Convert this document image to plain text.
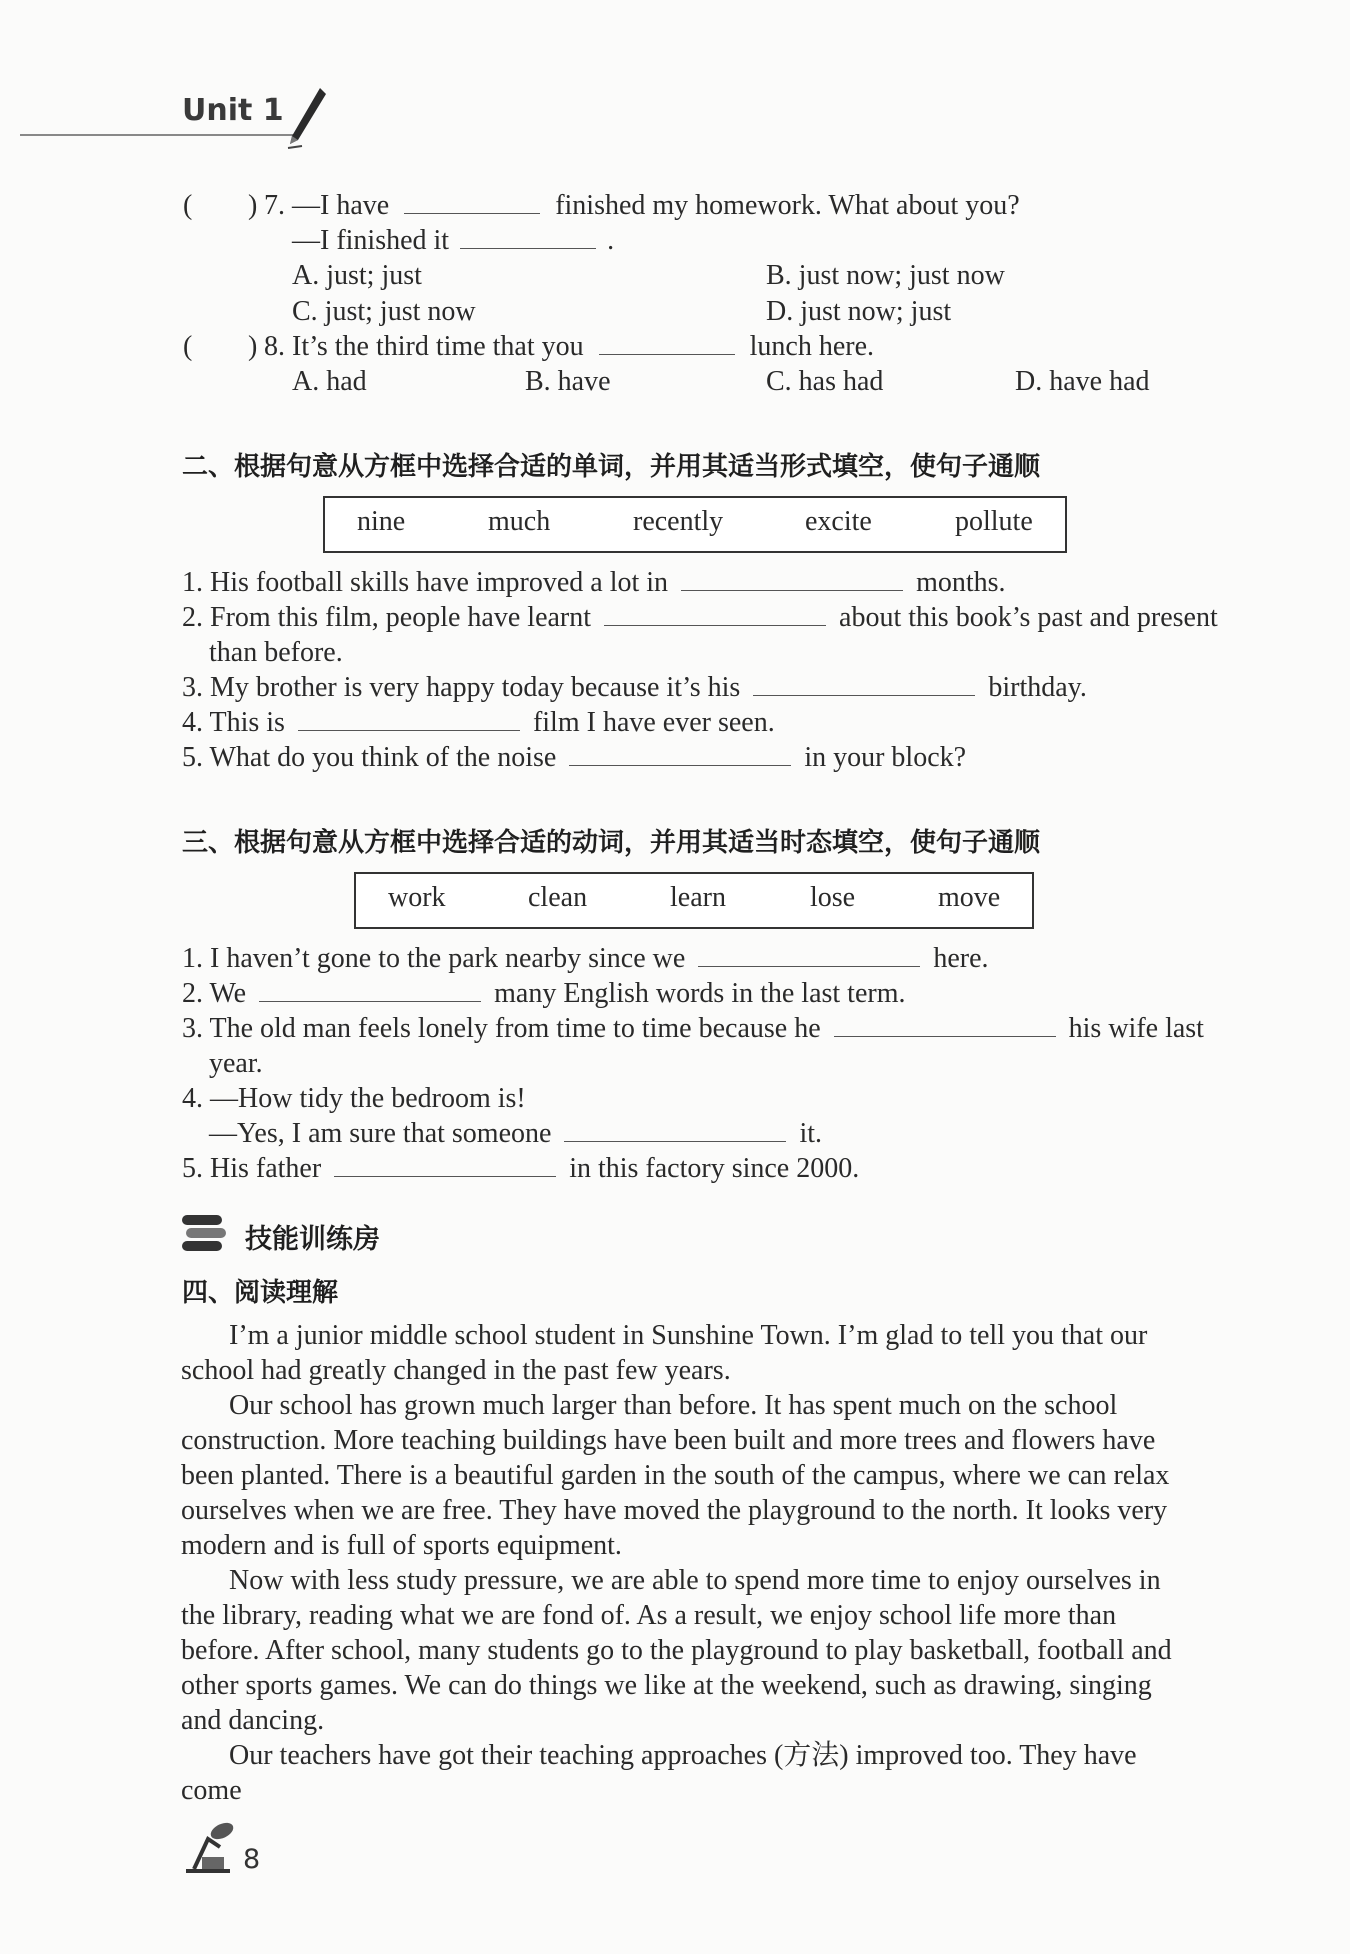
Unit 1
( ) 7. —I have	finished my homework. What about you?
—I finished it	.
A. just; just	B. just now; just now
C. just; just now	D. just now; just
( ) 8. It’s the third time that you	lunch here.
A. had	B. have	C. has had	D. have had
二、根据句意从方框中选择合适的单词，并用其适当形式填空，使句子通顺
nine	much	recently	excite	pollute
1. His football skills have improved a lot in	months.
2. From this film, people have learnt	about this book’s past and present
than before.
3. My brother is very happy today because it’s his	birthday.
4. This is	film I have ever seen.
5. What do you think of the noise	in your block?
三、根据句意从方框中选择合适的动词，并用其适当时态填空，使句子通顺
work	clean	learn	lose	move
1. I haven’t gone to the park nearby since we	here.
2. We	many English words in the last term.
3. The old man feels lonely from time to time because he	his wife last
year.
4. —How tidy the bedroom is!
—Yes, I am sure that someone	it.
5. His father	in this factory since 2000.
技能训练房
四、阅读理解
I’m a junior middle school student in Sunshine Town. I’m glad to tell you that our school had greatly changed in the past few years.
Our school has grown much larger than before. It has spent much on the school construction. More teaching buildings have been built and more trees and flowers have been planted. There is a beautiful garden in the south of the campus, where we can relax ourselves when we are free. They have moved the playground to the north. It looks very modern and is full of sports equipment.
Now with less study pressure, we are able to spend more time to enjoy ourselves in the library, reading what we are fond of. As a result, we enjoy school life more than before. After school, many students go to the playground to play basketball, football and other sports games. We can do things we like at the weekend, such as drawing, singing and dancing.
Our teachers have got their teaching approaches (方法) improved too. They have come
8
